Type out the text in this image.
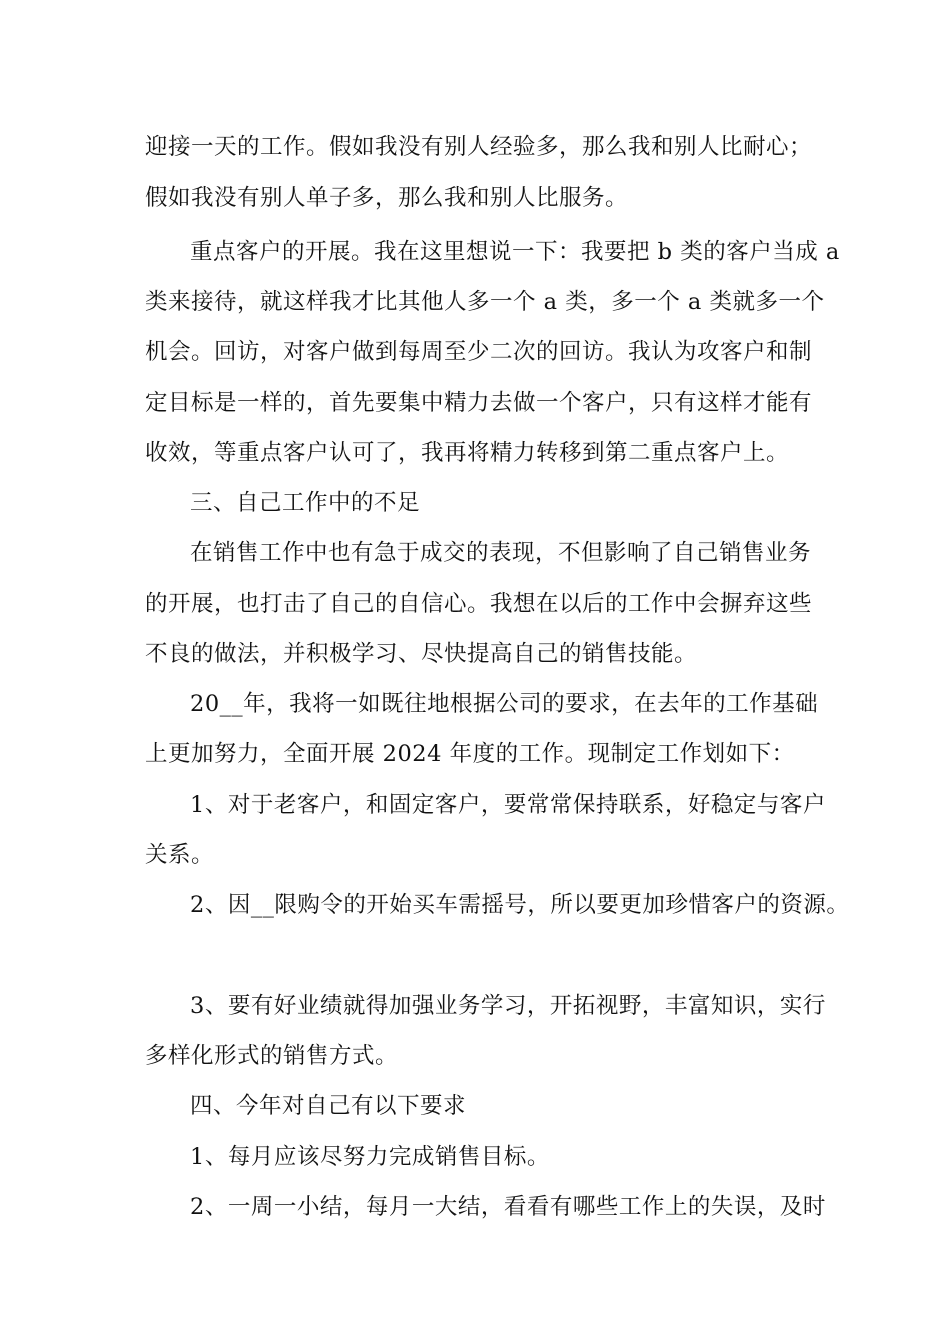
迎接一天的工作。假如我没有别人经验多，那么我和别人比耐心；
假如我没有别人单子多，那么我和别人比服务。
重点客户的开展。我在这里想说一下：我要把 b 类的客户当成 a
类来接待，就这样我才比其他人多一个 a 类，多一个 a 类就多一个
机会。回访，对客户做到每周至少二次的回访。我认为攻客户和制
定目标是一样的，首先要集中精力去做一个客户，只有这样才能有
收效，等重点客户认可了，我再将精力转移到第二重点客户上。
三、自己工作中的不足
在销售工作中也有急于成交的表现，不但影响了自己销售业务
的开展，也打击了自己的自信心。我想在以后的工作中会摒弃这些
不良的做法，并积极学习、尽快提高自己的销售技能。
20__年，我将一如既往地根据公司的要求，在去年的工作基础
上更加努力，全面开展 2024 年度的工作。现制定工作划如下：
1、对于老客户，和固定客户，要常常保持联系，好稳定与客户
关系。
2、因__限购令的开始买车需摇号，所以要更加珍惜客户的资源。
3、要有好业绩就得加强业务学习，开拓视野，丰富知识，实行
多样化形式的销售方式。
四、今年对自己有以下要求
1、每月应该尽努力完成销售目标。
2、一周一小结，每月一大结，看看有哪些工作上的失误，及时
